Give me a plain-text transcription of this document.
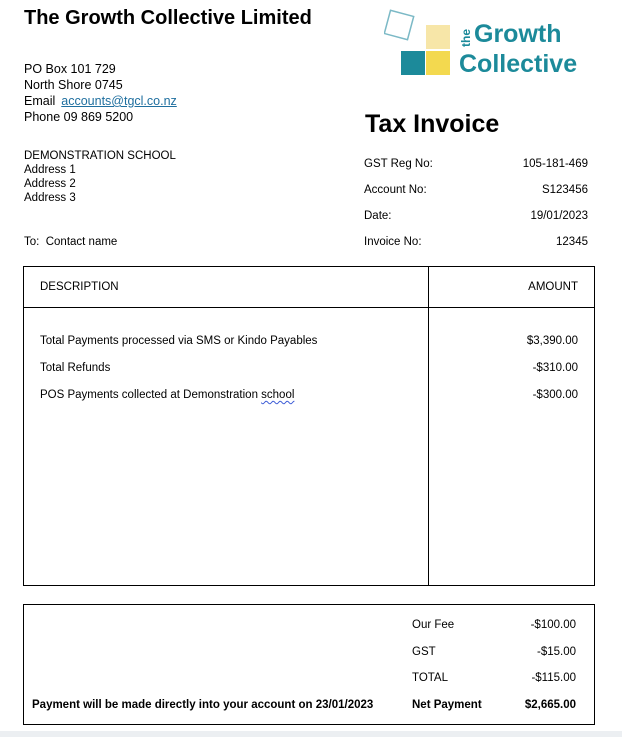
The Growth Collective Limited
PO Box 101 729
North Shore 0745
Email accounts@tgcl.co.nz
Phone 09 869 5200
the Growth
Collective
DEMONSTRATION SCHOOL
Address 1
Address 2
Address 3
To: Contact name
Tax Invoice
GST Reg No:	105-181-469
Account No:	S123456
Date:	19/01/2023
Invoice No:	12345
DESCRIPTION	AMOUNT
Total Payments processed via SMS or Kindo Payables	$3,390.00
Total Refunds	-$310.00
POS Payments collected at Demonstration school	-$300.00
Our Fee	-$100.00
GST	-$15.00
TOTAL	-$115.00
Payment will be made directly into your account on 23/01/2023	Net Payment	$2,665.00
